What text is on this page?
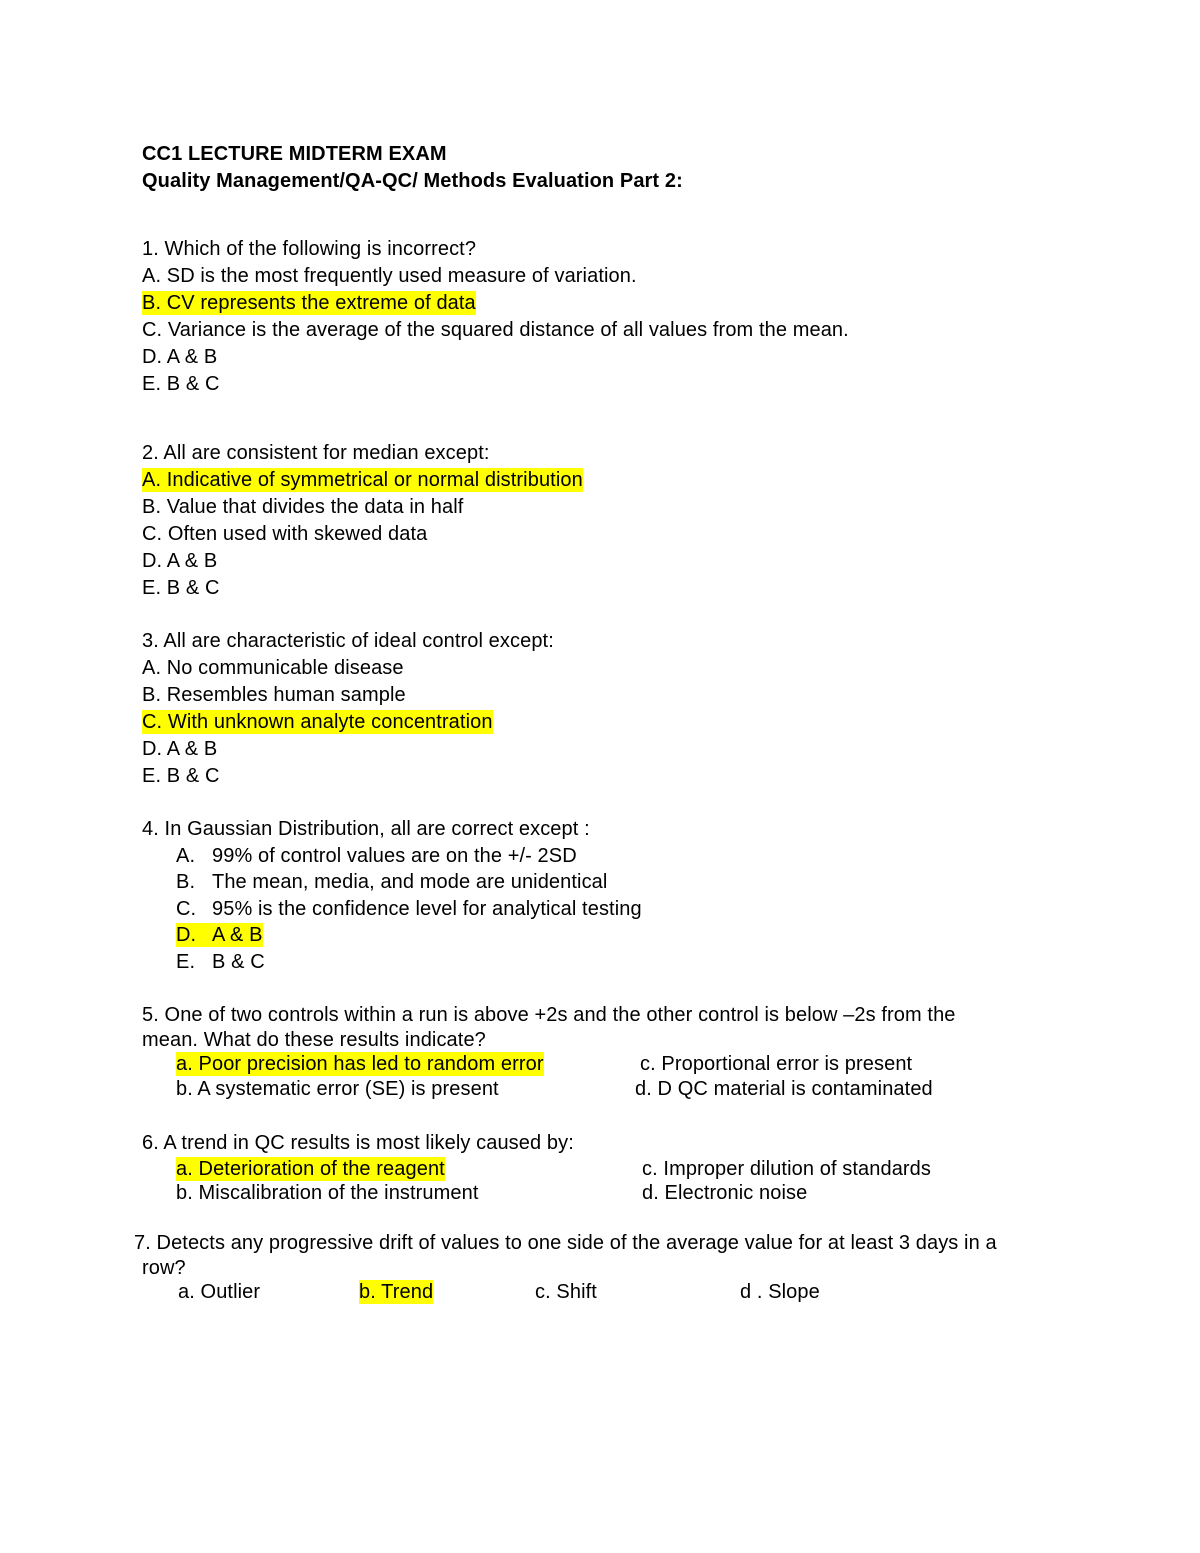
CC1 LECTURE MIDTERM EXAM
Quality Management/QA-QC/ Methods Evaluation Part 2:
1. Which of the following is incorrect?
A. SD is the most frequently used measure of variation.
B. CV represents the extreme of data
C. Variance is the average of the squared distance of all values from the mean.
D. A & B
E. B & C
2. All are consistent for median except:
A. Indicative of symmetrical or normal distribution
B. Value that divides the data in half
C. Often used with skewed data
D. A & B
E. B & C
3. All are characteristic of ideal control except:
A. No communicable disease
B. Resembles human sample
C. With unknown analyte concentration
D. A & B
E. B & C
4. In Gaussian Distribution, all are correct except :
A. 99% of control values are on the +/- 2SD
B. The mean, media, and mode are unidentical
C. 95% is the confidence level for analytical testing
D. A & B
E. B & C
5. One of two controls within a run is above +2s and the other control is below –2s from the
mean. What do these results indicate?
a. Poor precision has led to random error	c. Proportional error is present
b. A systematic error (SE) is present	d. D QC material is contaminated
6. A trend in QC results is most likely caused by:
a. Deterioration of the reagent	c. Improper dilution of standards
b. Miscalibration of the instrument	d. Electronic noise
7. Detects any progressive drift of values to one side of the average value for at least 3 days in a
row?
a. Outlier	b. Trend	c. Shift	d . Slope
